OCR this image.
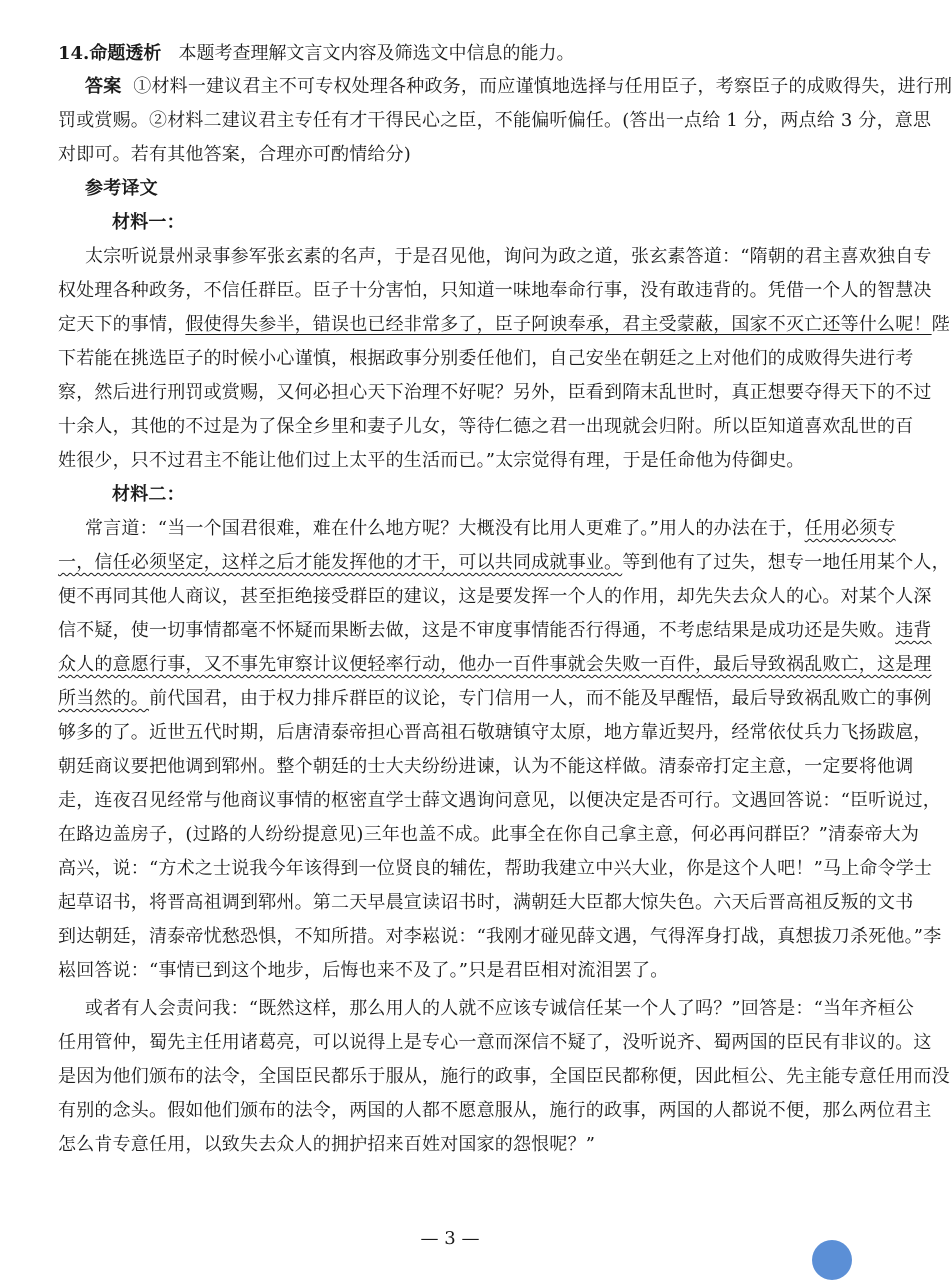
14.命题透析 本题考查理解文言文内容及筛选文中信息的能力。
答案 ①材料一建议君主不可专权处理各种政务，而应谨慎地选择与任用臣子，考察臣子的成败得失，进行刑
罚或赏赐。②材料二建议君主专任有才干得民心之臣，不能偏听偏任。(答出一点给 1 分，两点给 3 分，意思
对即可。若有其他答案，合理亦可酌情给分)
参考译文
材料一：
太宗听说景州录事参军张玄素的名声，于是召见他，询问为政之道，张玄素答道：“隋朝的君主喜欢独自专
权处理各种政务，不信任群臣。臣子十分害怕，只知道一味地奉命行事，没有敢违背的。凭借一个人的智慧决
定天下的事情，假使得失参半，错误也已经非常多了，臣子阿谀奉承，君主受蒙蔽，国家不灭亡还等什么呢！陛
下若能在挑选臣子的时候小心谨慎，根据政事分别委任他们，自己安坐在朝廷之上对他们的成败得失进行考
察，然后进行刑罚或赏赐，又何必担心天下治理不好呢？另外，臣看到隋末乱世时，真正想要夺得天下的不过
十余人，其他的不过是为了保全乡里和妻子儿女，等待仁德之君一出现就会归附。所以臣知道喜欢乱世的百
姓很少，只不过君主不能让他们过上太平的生活而已。”太宗觉得有理，于是任命他为侍御史。
材料二：
常言道：“当一个国君很难，难在什么地方呢？大概没有比用人更难了。”用人的办法在于，任用必须专
一，信任必须坚定，这样之后才能发挥他的才干，可以共同成就事业。等到他有了过失，想专一地任用某个人，
便不再同其他人商议，甚至拒绝接受群臣的建议，这是要发挥一个人的作用，却先失去众人的心。对某个人深
信不疑，使一切事情都毫不怀疑而果断去做，这是不审度事情能否行得通，不考虑结果是成功还是失败。违背
众人的意愿行事，又不事先审察计议便轻率行动，他办一百件事就会失败一百件，最后导致祸乱败亡，这是理
所当然的。前代国君，由于权力排斥群臣的议论，专门信用一人，而不能及早醒悟，最后导致祸乱败亡的事例
够多的了。近世五代时期，后唐清泰帝担心晋高祖石敬瑭镇守太原，地方靠近契丹，经常依仗兵力飞扬跋扈，
朝廷商议要把他调到郓州。整个朝廷的士大夫纷纷进谏，认为不能这样做。清泰帝打定主意，一定要将他调
走，连夜召见经常与他商议事情的枢密直学士薛文遇询问意见，以便决定是否可行。文遇回答说：“臣听说过，
在路边盖房子，(过路的人纷纷提意见)三年也盖不成。此事全在你自己拿主意，何必再问群臣？”清泰帝大为
高兴，说：“方术之士说我今年该得到一位贤良的辅佐，帮助我建立中兴大业，你是这个人吧！”马上命令学士
起草诏书，将晋高祖调到郓州。第二天早晨宣读诏书时，满朝廷大臣都大惊失色。六天后晋高祖反叛的文书
到达朝廷，清泰帝忧愁恐惧，不知所措。对李崧说：“我刚才碰见薛文遇，气得浑身打战，真想拔刀杀死他。”李
崧回答说：“事情已到这个地步，后悔也来不及了。”只是君臣相对流泪罢了。
或者有人会责问我：“既然这样，那么用人的人就不应该专诚信任某一个人了吗？”回答是：“当年齐桓公
任用管仲，蜀先主任用诸葛亮，可以说得上是专心一意而深信不疑了，没听说齐、蜀两国的臣民有非议的。这
是因为他们颁布的法令，全国臣民都乐于服从，施行的政事，全国臣民都称便，因此桓公、先主能专意任用而没
有别的念头。假如他们颁布的法令，两国的人都不愿意服从，施行的政事，两国的人都说不便，那么两位君主
怎么肯专意任用，以致失去众人的拥护招来百姓对国家的怨恨呢？”
— 3 —
